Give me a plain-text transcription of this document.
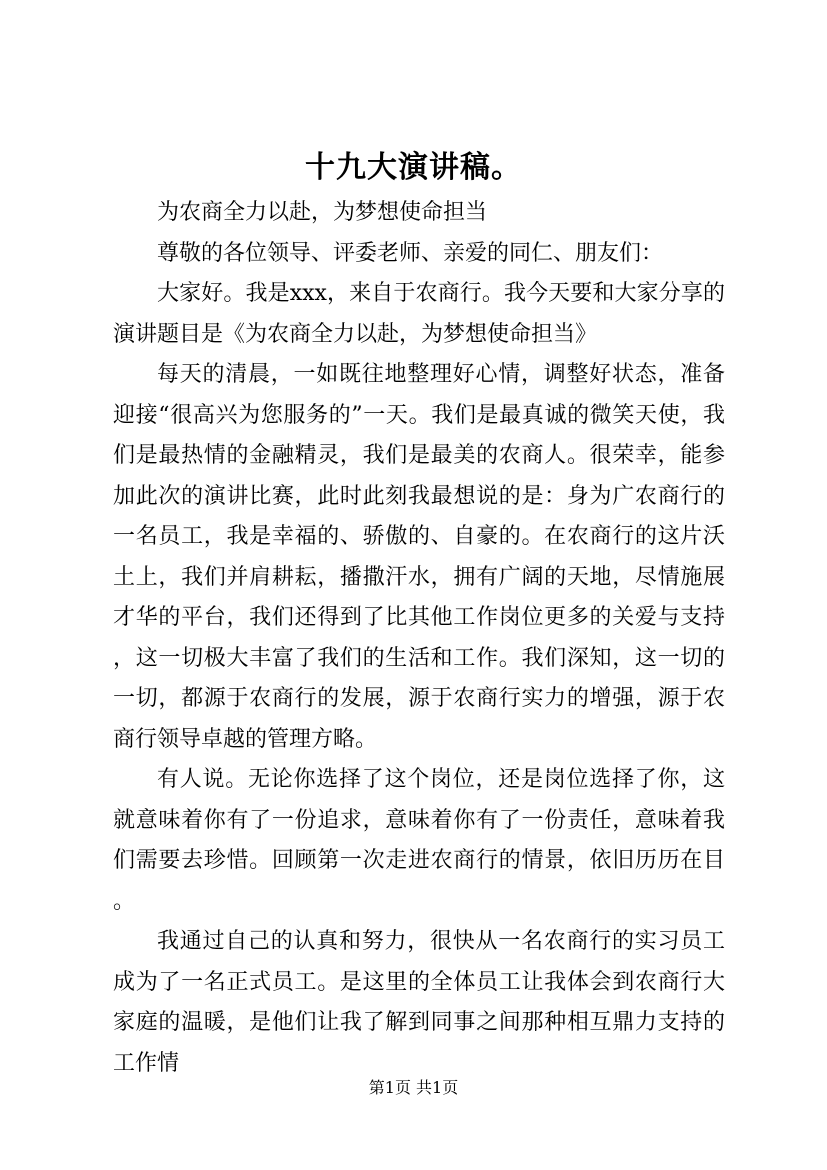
十九大演讲稿。

为农商全力以赴，为梦想使命担当

尊敬的各位领导、评委老师、亲爱的同仁、朋友们：

大家好。我是xxx，来自于农商行。我今天要和大家分享的演讲题目是《为农商全力以赴，为梦想使命担当》

每天的清晨，一如既往地整理好心情，调整好状态，准备迎接“很高兴为您服务的”一天。我们是最真诚的微笑天使，我们是最热情的金融精灵，我们是最美的农商人。很荣幸，能参加此次的演讲比赛，此时此刻我最想说的是：身为广农商行的一名员工，我是幸福的、骄傲的、自豪的。在农商行的这片沃土上，我们并肩耕耘，播撒汗水，拥有广阔的天地，尽情施展才华的平台，我们还得到了比其他工作岗位更多的关爱与支持，这一切极大丰富了我们的生活和工作。我们深知，这一切的一切，都源于农商行的发展，源于农商行实力的增强，源于农商行领导卓越的管理方略。

有人说。无论你选择了这个岗位，还是岗位选择了你，这就意味着你有了一份追求，意味着你有了一份责任，意味着我们需要去珍惜。回顾第一次走进农商行的情景，依旧历历在目。

我通过自己的认真和努力，很快从一名农商行的实习员工成为了一名正式员工。是这里的全体员工让我体会到农商行大家庭的温暖，是他们让我了解到同事之间那种相互鼎力支持的工作情

第1页 共1页
